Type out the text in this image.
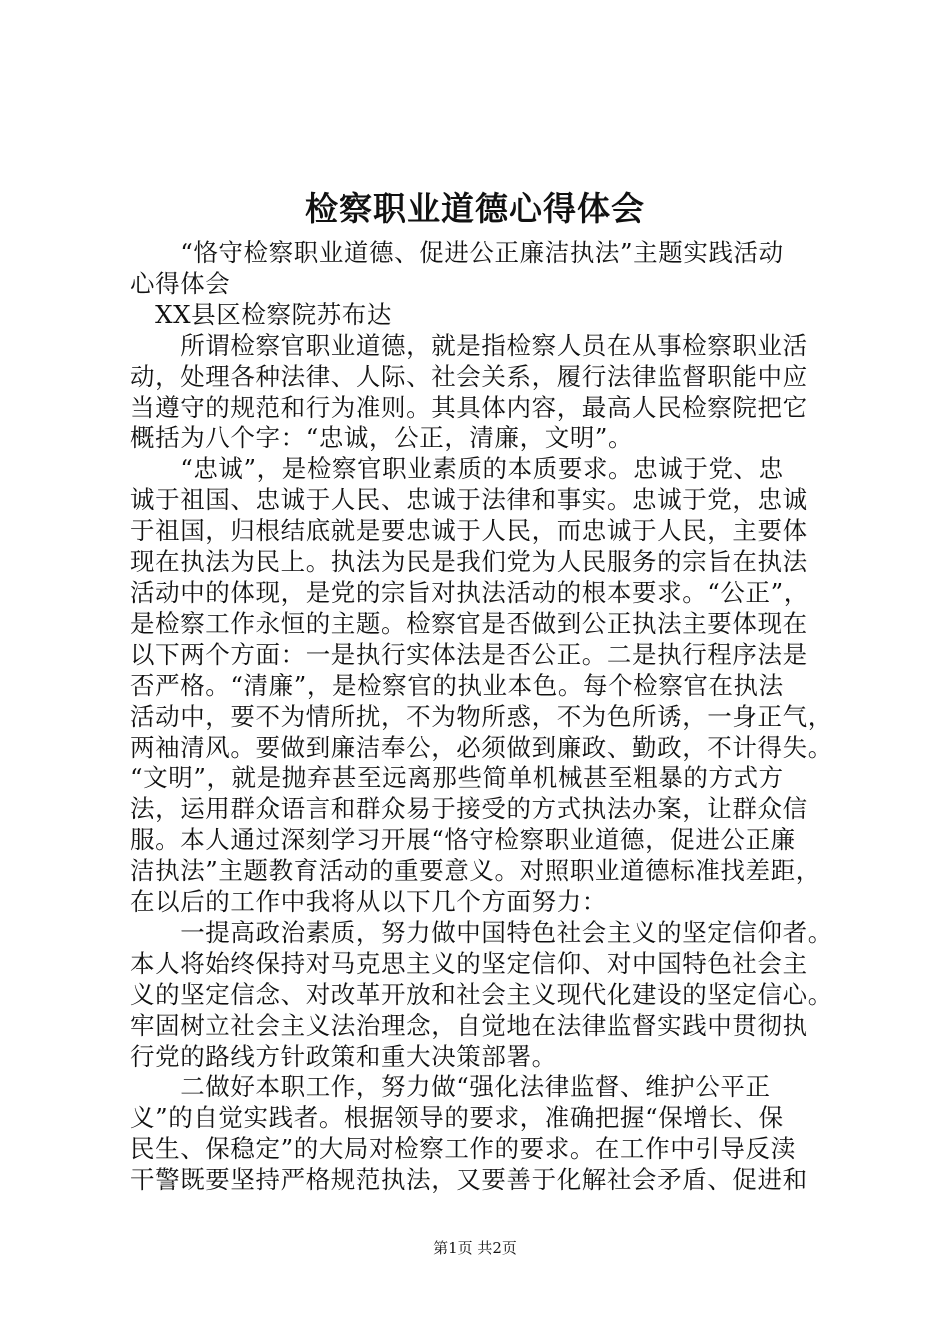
检察职业道德心得体会
　　“恪守检察职业道德、促进公正廉洁执法”主题实践活动
心得体会
　XX县区检察院苏布达
　　所谓检察官职业道德，就是指检察人员在从事检察职业活
动，处理各种法律、人际、社会关系，履行法律监督职能中应
当遵守的规范和行为准则。其具体内容，最高人民检察院把它
概括为八个字：“忠诚，公正，清廉，文明”。
　　“忠诚”，是检察官职业素质的本质要求。忠诚于党、忠
诚于祖国、忠诚于人民、忠诚于法律和事实。忠诚于党，忠诚
于祖国，归根结底就是要忠诚于人民，而忠诚于人民，主要体
现在执法为民上。执法为民是我们党为人民服务的宗旨在执法
活动中的体现，是党的宗旨对执法活动的根本要求。“公正”，
是检察工作永恒的主题。检察官是否做到公正执法主要体现在
以下两个方面：一是执行实体法是否公正。二是执行程序法是
否严格。“清廉”，是检察官的执业本色。每个检察官在执法
活动中，要不为情所扰，不为物所惑，不为色所诱，一身正气，
两袖清风。要做到廉洁奉公，必须做到廉政、勤政，不计得失。
“文明”，就是抛弃甚至远离那些简单机械甚至粗暴的方式方
法，运用群众语言和群众易于接受的方式执法办案，让群众信
服。本人通过深刻学习开展“恪守检察职业道德，促进公正廉
洁执法”主题教育活动的重要意义。对照职业道德标准找差距，
在以后的工作中我将从以下几个方面努力：
　　一提高政治素质，努力做中国特色社会主义的坚定信仰者。
本人将始终保持对马克思主义的坚定信仰、对中国特色社会主
义的坚定信念、对改革开放和社会主义现代化建设的坚定信心。
牢固树立社会主义法治理念，自觉地在法律监督实践中贯彻执
行党的路线方针政策和重大决策部署。
　　二做好本职工作，努力做“强化法律监督、维护公平正
义”的自觉实践者。根据领导的要求，准确把握“保增长、保
民生、保稳定”的大局对检察工作的要求。在工作中引导反渎
干警既要坚持严格规范执法，又要善于化解社会矛盾、促进和
第1页 共2页
